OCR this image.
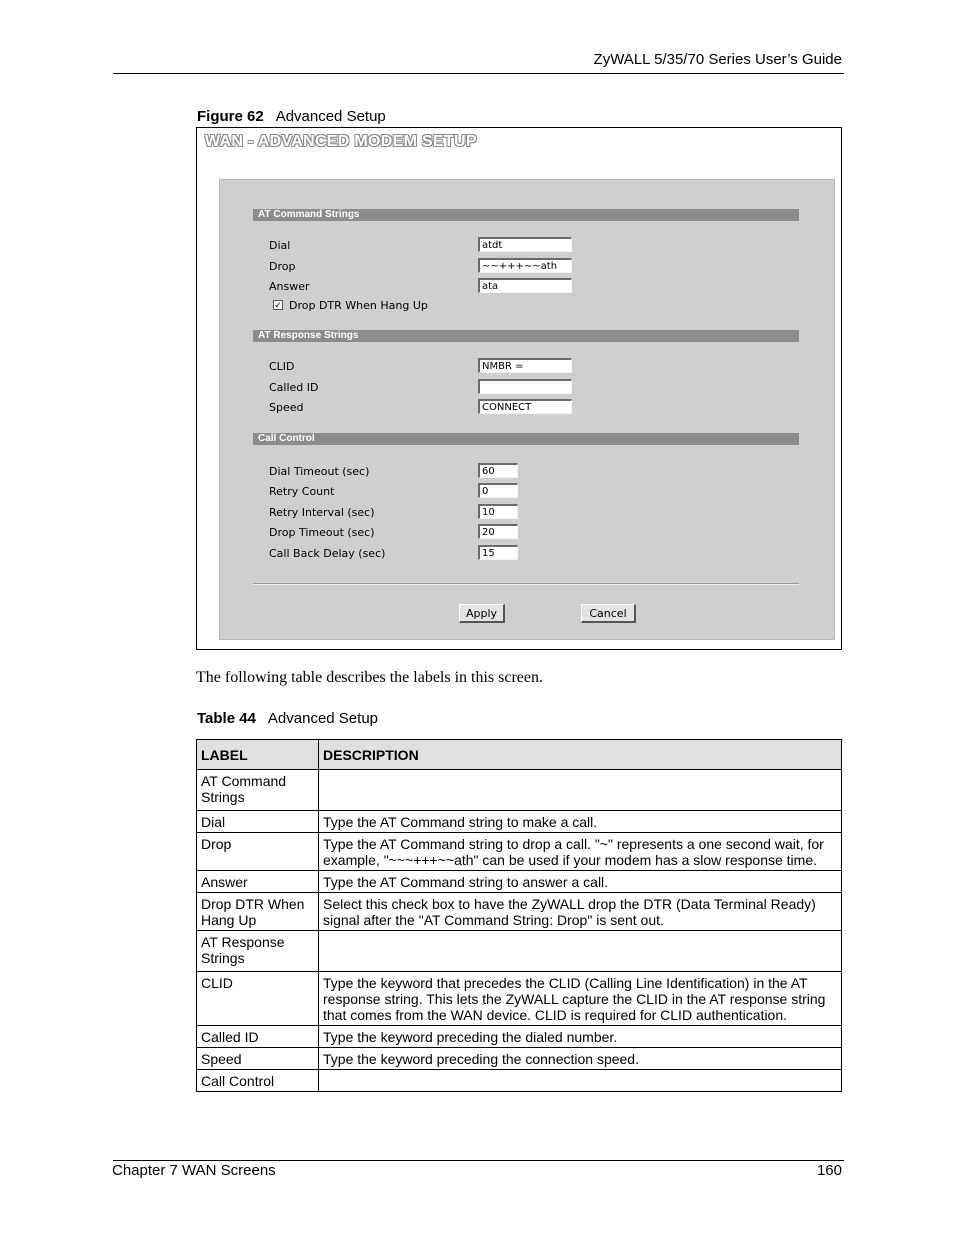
ZyWALL 5/35/70 Series User’s Guide
Figure 62 Advanced Setup
WAN - ADVANCED MODEM SETUP
AT Command Strings
Dial	atdt
Drop	~~+++~~ath
Answer	ata
✓ Drop DTR When Hang Up
AT Response Strings
CLID	NMBR =
Called ID
Speed	CONNECT
Call Control
Dial Timeout (sec)	60
Retry Count	0
Retry Interval (sec)	10
Drop Timeout (sec)	20
Call Back Delay (sec)	15
Apply	Cancel
The following table describes the labels in this screen.
Table 44 Advanced Setup
LABEL	DESCRIPTION
AT Command Strings	
Dial	Type the AT Command string to make a call.
Drop	Type the AT Command string to drop a call. "~" represents a one second wait, for example, "~~~+++~~ath" can be used if your modem has a slow response time.
Answer	Type the AT Command string to answer a call.
Drop DTR When Hang Up	Select this check box to have the ZyWALL drop the DTR (Data Terminal Ready) signal after the "AT Command String: Drop" is sent out.
AT Response Strings	
CLID	Type the keyword that precedes the CLID (Calling Line Identification) in the AT response string. This lets the ZyWALL capture the CLID in the AT response string that comes from the WAN device. CLID is required for CLID authentication.
Called ID	Type the keyword preceding the dialed number.
Speed	Type the keyword preceding the connection speed.
Call Control	
Chapter 7 WAN Screens	160
